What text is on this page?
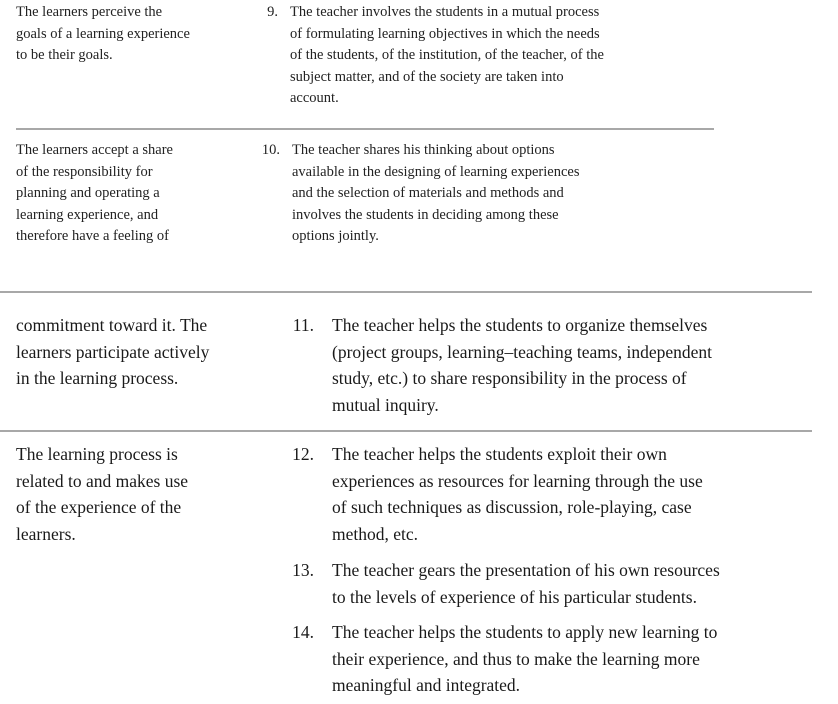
The learners perceive the
goals of a learning experience
to be their goals.

9. The teacher involves the students in a mutual process
of formulating learning objectives in which the needs
of the students, of the institution, of the teacher, of the
subject matter, and of the society are taken into
account.

The learners accept a share
of the responsibility for
planning and operating a
learning experience, and
therefore have a feeling of

10. The teacher shares his thinking about options
available in the designing of learning experiences
and the selection of materials and methods and
involves the students in deciding among these
options jointly.

commitment toward it. The
learners participate actively
in the learning process.

11. The teacher helps the students to organize themselves
(project groups, learning–teaching teams, independent
study, etc.) to share responsibility in the process of
mutual inquiry.

The learning process is
related to and makes use
of the experience of the
learners.

12. The teacher helps the students exploit their own
experiences as resources for learning through the use
of such techniques as discussion, role-playing, case
method, etc.

13. The teacher gears the presentation of his own resources
to the levels of experience of his particular students.

14. The teacher helps the students to apply new learning to
their experience, and thus to make the learning more
meaningful and integrated.
